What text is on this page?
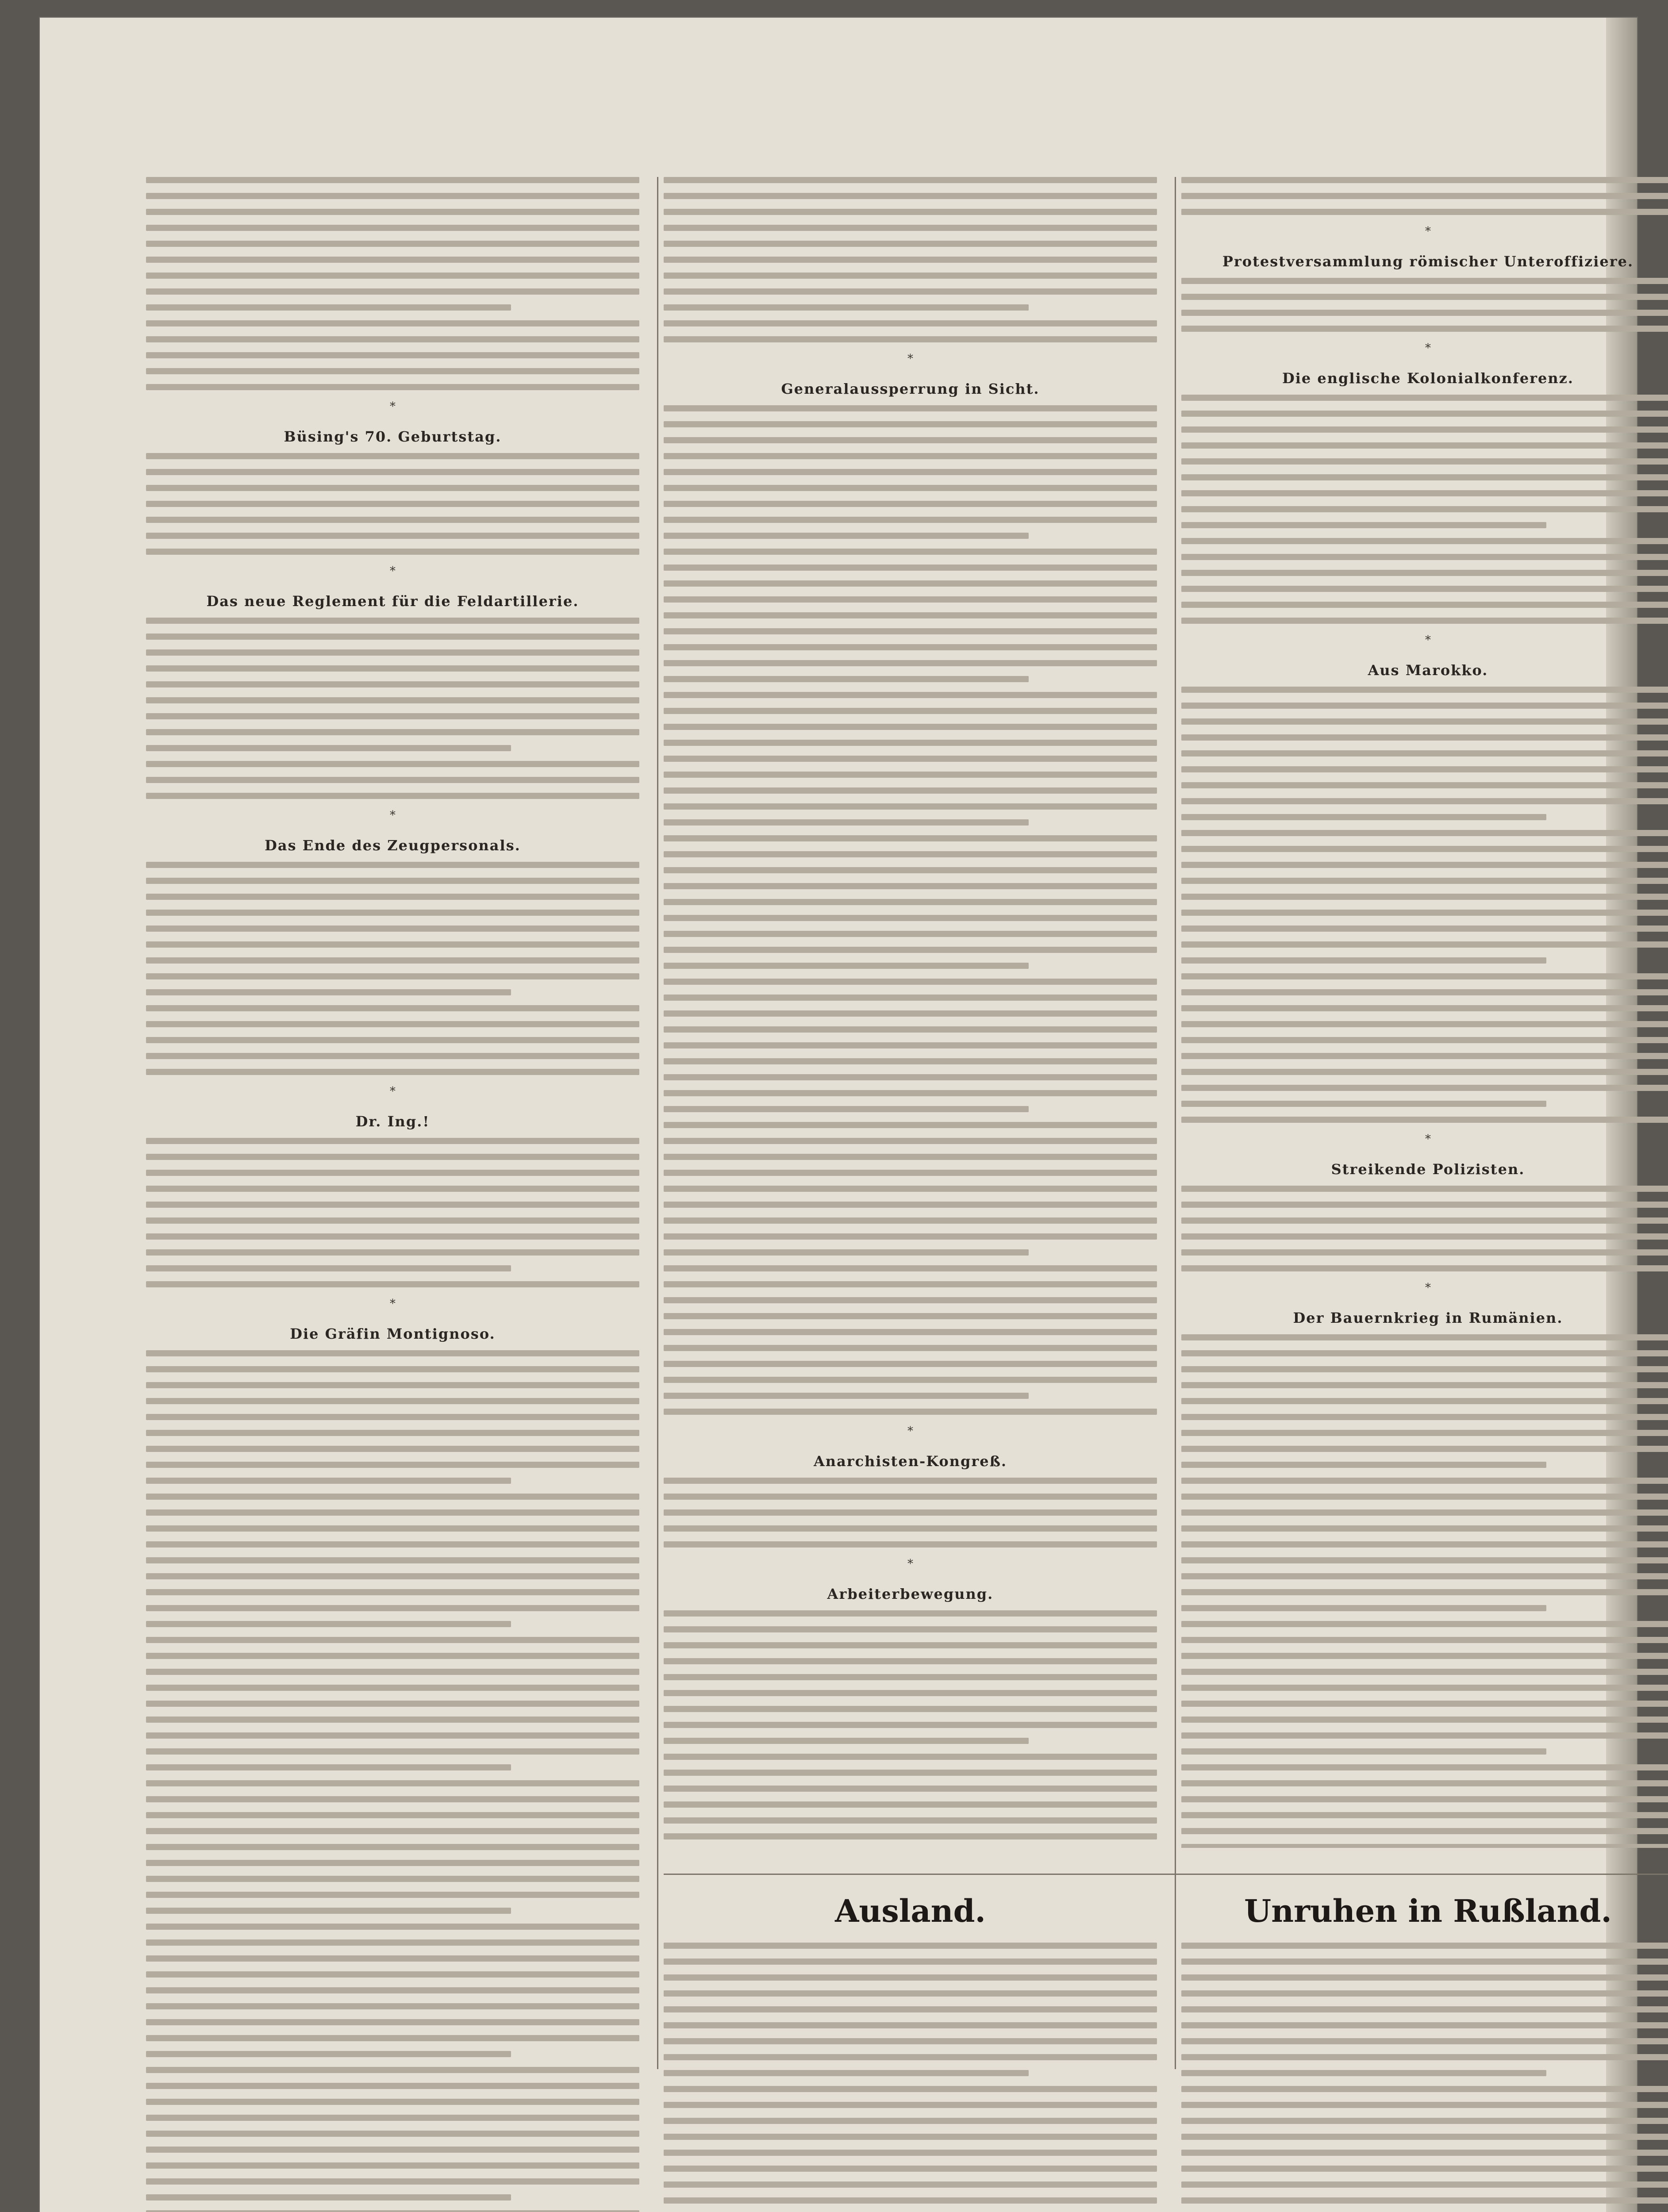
*
Büsing's 70. Geburtstag.
*
Das neue Reglement für die Feldartillerie.
*
Das Ende des Zeugpersonals.
*
Dr. Ing.!
*
Die Gräfin Montignoso.
*
Generalaussperrung in Sicht.
*
Anarchisten-Kongreß.
*
Arbeiterbewegung.
*
Protestversammlung römischer Unteroffiziere.
*
Die englische Kolonialkonferenz.
*
Aus Marokko.
*
Streikende Polizisten.
*
Der Bauernkrieg in Rumänien.
Ausland.	Unruhen in Rußland.
